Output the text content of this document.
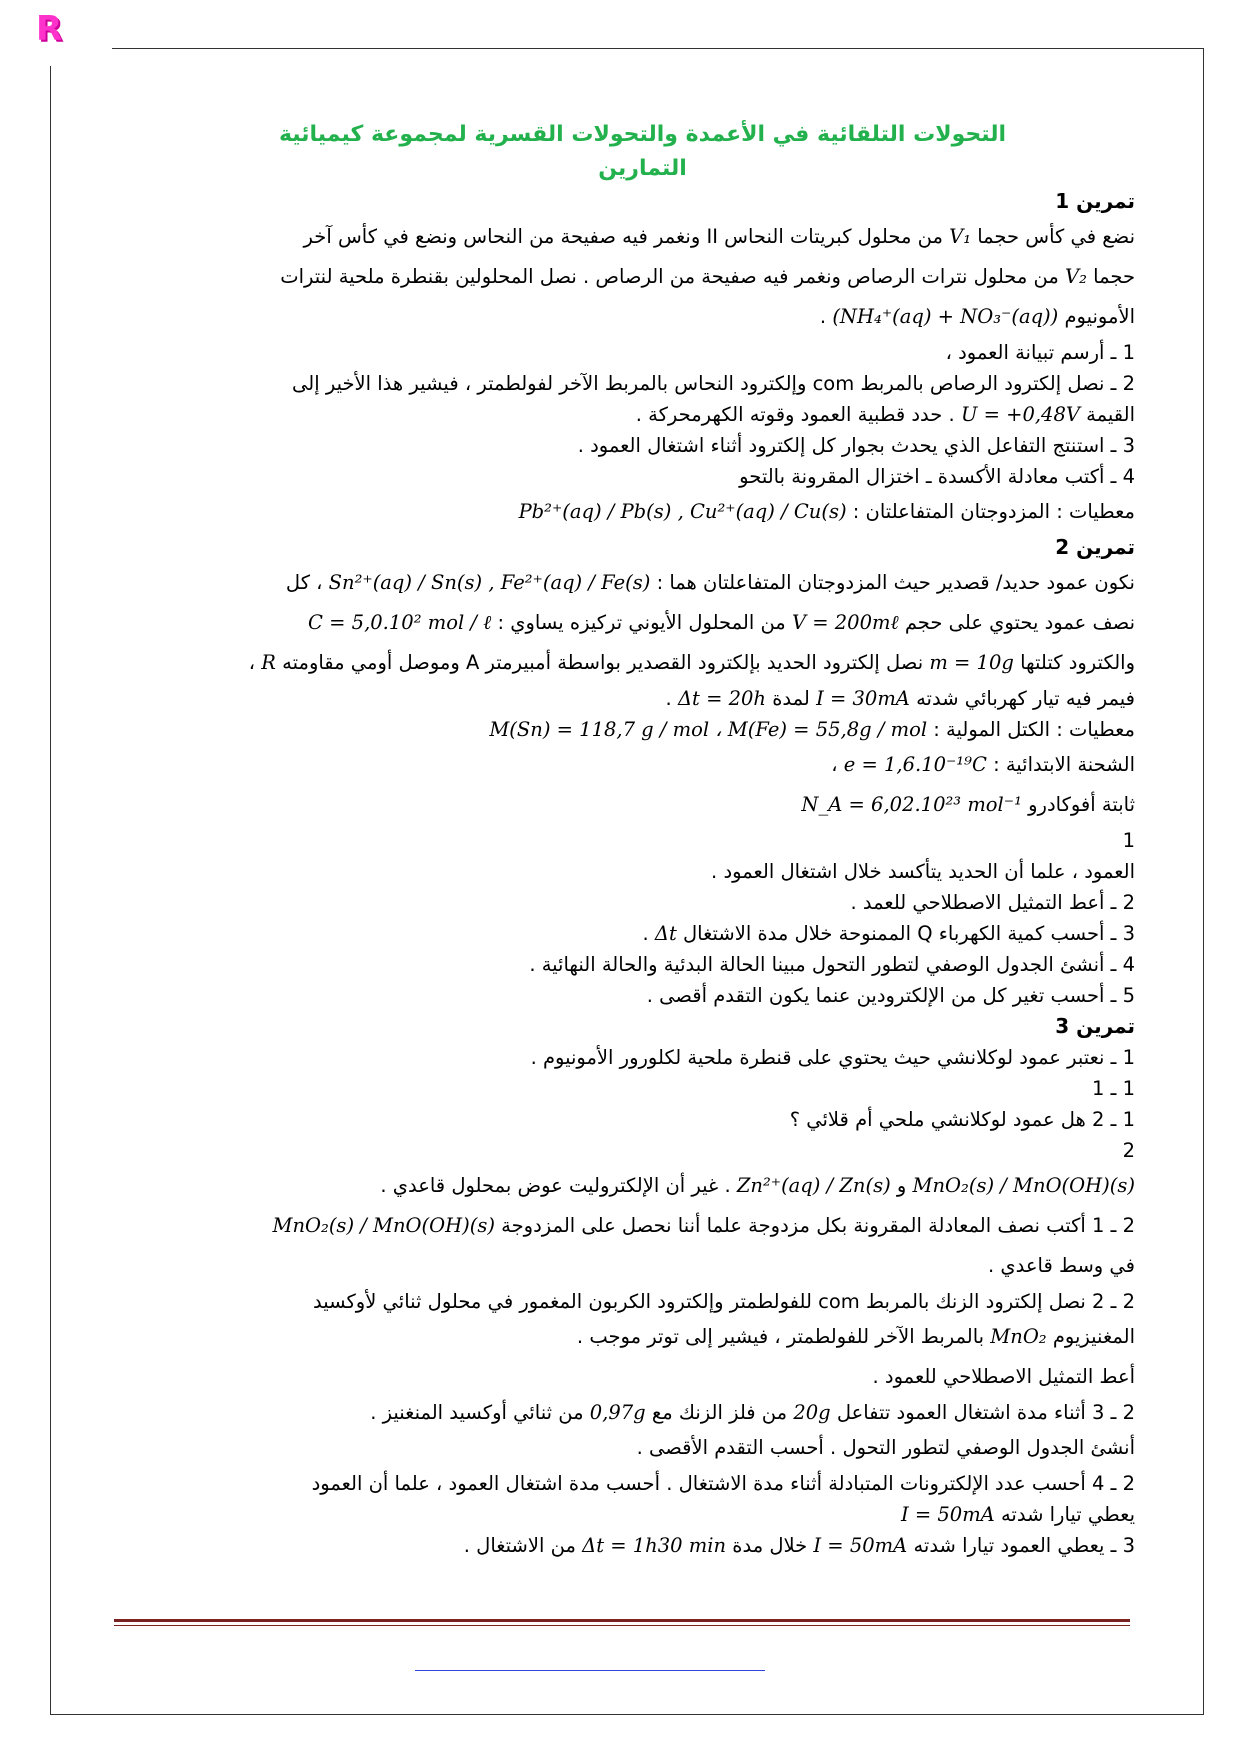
R

التحولات التلقائية في الأعمدة والتحولات القسرية لمجموعة كيميائية

التمارين

تمرين 1

نضع في كأس حجما V₁ من محلول كبريتات النحاس II ونغمر فيه صفيحة من النحاس ونضع في كأس آخر

حجما V₂ من محلول نترات الرصاص ونغمر فيه صفيحة من الرصاص . نصل المحلولين بقنطرة ملحية لنترات

الأمونيوم (NH₄⁺(aq) + NO₃⁻(aq)) .

1 ـ أرسم تبيانة العمود ،

2 ـ نصل إلكترود الرصاص بالمربط com وإلكترود النحاس بالمربط الآخر لفولطمتر ، فيشير هذا الأخير إلى

القيمة U = +0,48V . حدد قطبية العمود وقوته الكهرمحركة .

3 ـ استنتج التفاعل الذي يحدث بجوار كل إلكترود أثناء اشتغال العمود .

4 ـ أكتب معادلة الأكسدة ـ اختزال المقرونة بالتحو

معطيات : المزدوجتان المتفاعلتان : Pb²⁺(aq) / Pb(s) , Cu²⁺(aq) / Cu(s)

تمرين 2

نكون عمود حديد/ قصدير حيث المزدوجتان المتفاعلتان هما : Sn²⁺(aq) / Sn(s) , Fe²⁺(aq) / Fe(s) ، كل

نصف عمود يحتوي على حجم V = 200mℓ من المحلول الأيوني تركيزه يساوي : C = 5,0.10² mol / ℓ

والكترود كتلتها m = 10g نصل إلكترود الحديد بإلكترود القصدير بواسطة أمبيرمتر A وموصل أومي مقاومته R ،

فيمر فيه تيار كهربائي شدته I = 30mA لمدة Δt = 20h .

معطيات : الكتل المولية : M(Sn) = 118,7 g / mol ، M(Fe) = 55,8g / mol

الشحنة الابتدائية : e = 1,6.10⁻¹⁹C ،

ثابتة أفوكادرو N_A = 6,02.10²³ mol⁻¹

1

العمود ، علما أن الحديد يتأكسد خلال اشتغال العمود .

2 ـ أعط التمثيل الاصطلاحي للعمد .

3 ـ أحسب كمية الكهرباء Q الممنوحة خلال مدة الاشتغال Δt .

4 ـ أنشئ الجدول الوصفي لتطور التحول مبينا الحالة البدئية والحالة النهائية .

5 ـ أحسب تغير كل من الإلكترودين عنما يكون التقدم أقصى .

تمرين 3

1 ـ نعتبر عمود لوكلانشي حيث يحتوي على قنطرة ملحية لكلورور الأمونيوم .

1 ـ 1

1 ـ 2 هل عمود لوكلانشي ملحي أم قلائي ؟

2

MnO₂(s) / MnO(OH)(s) و Zn²⁺(aq) / Zn(s) . غير أن الإلكتروليت عوض بمحلول قاعدي .

2 ـ 1 أكتب نصف المعادلة المقرونة بكل مزدوجة علما أننا نحصل على المزدوجة MnO₂(s) / MnO(OH)(s)

في وسط قاعدي .

2 ـ 2 نصل إلكترود الزنك بالمربط com للفولطمتر وإلكترود الكربون المغمور في محلول ثنائي لأوكسيد

المغنيزيوم MnO₂ بالمربط الآخر للفولطمتر ، فيشير إلى توتر موجب .

أعط التمثيل الاصطلاحي للعمود .

2 ـ 3 أثناء مدة اشتغال العمود تتفاعل 20g من فلز الزنك مع 0,97g من ثنائي أوكسيد المنغنيز .

أنشئ الجدول الوصفي لتطور التحول . أحسب التقدم الأقصى .

2 ـ 4 أحسب عدد الإلكترونات المتبادلة أثناء مدة الاشتغال . أحسب مدة اشتغال العمود ، علما أن العمود

يعطي تيارا شدته I = 50mA

3 ـ يعطي العمود تيارا شدته I = 50mA خلال مدة Δt = 1h30 min من الاشتغال .
